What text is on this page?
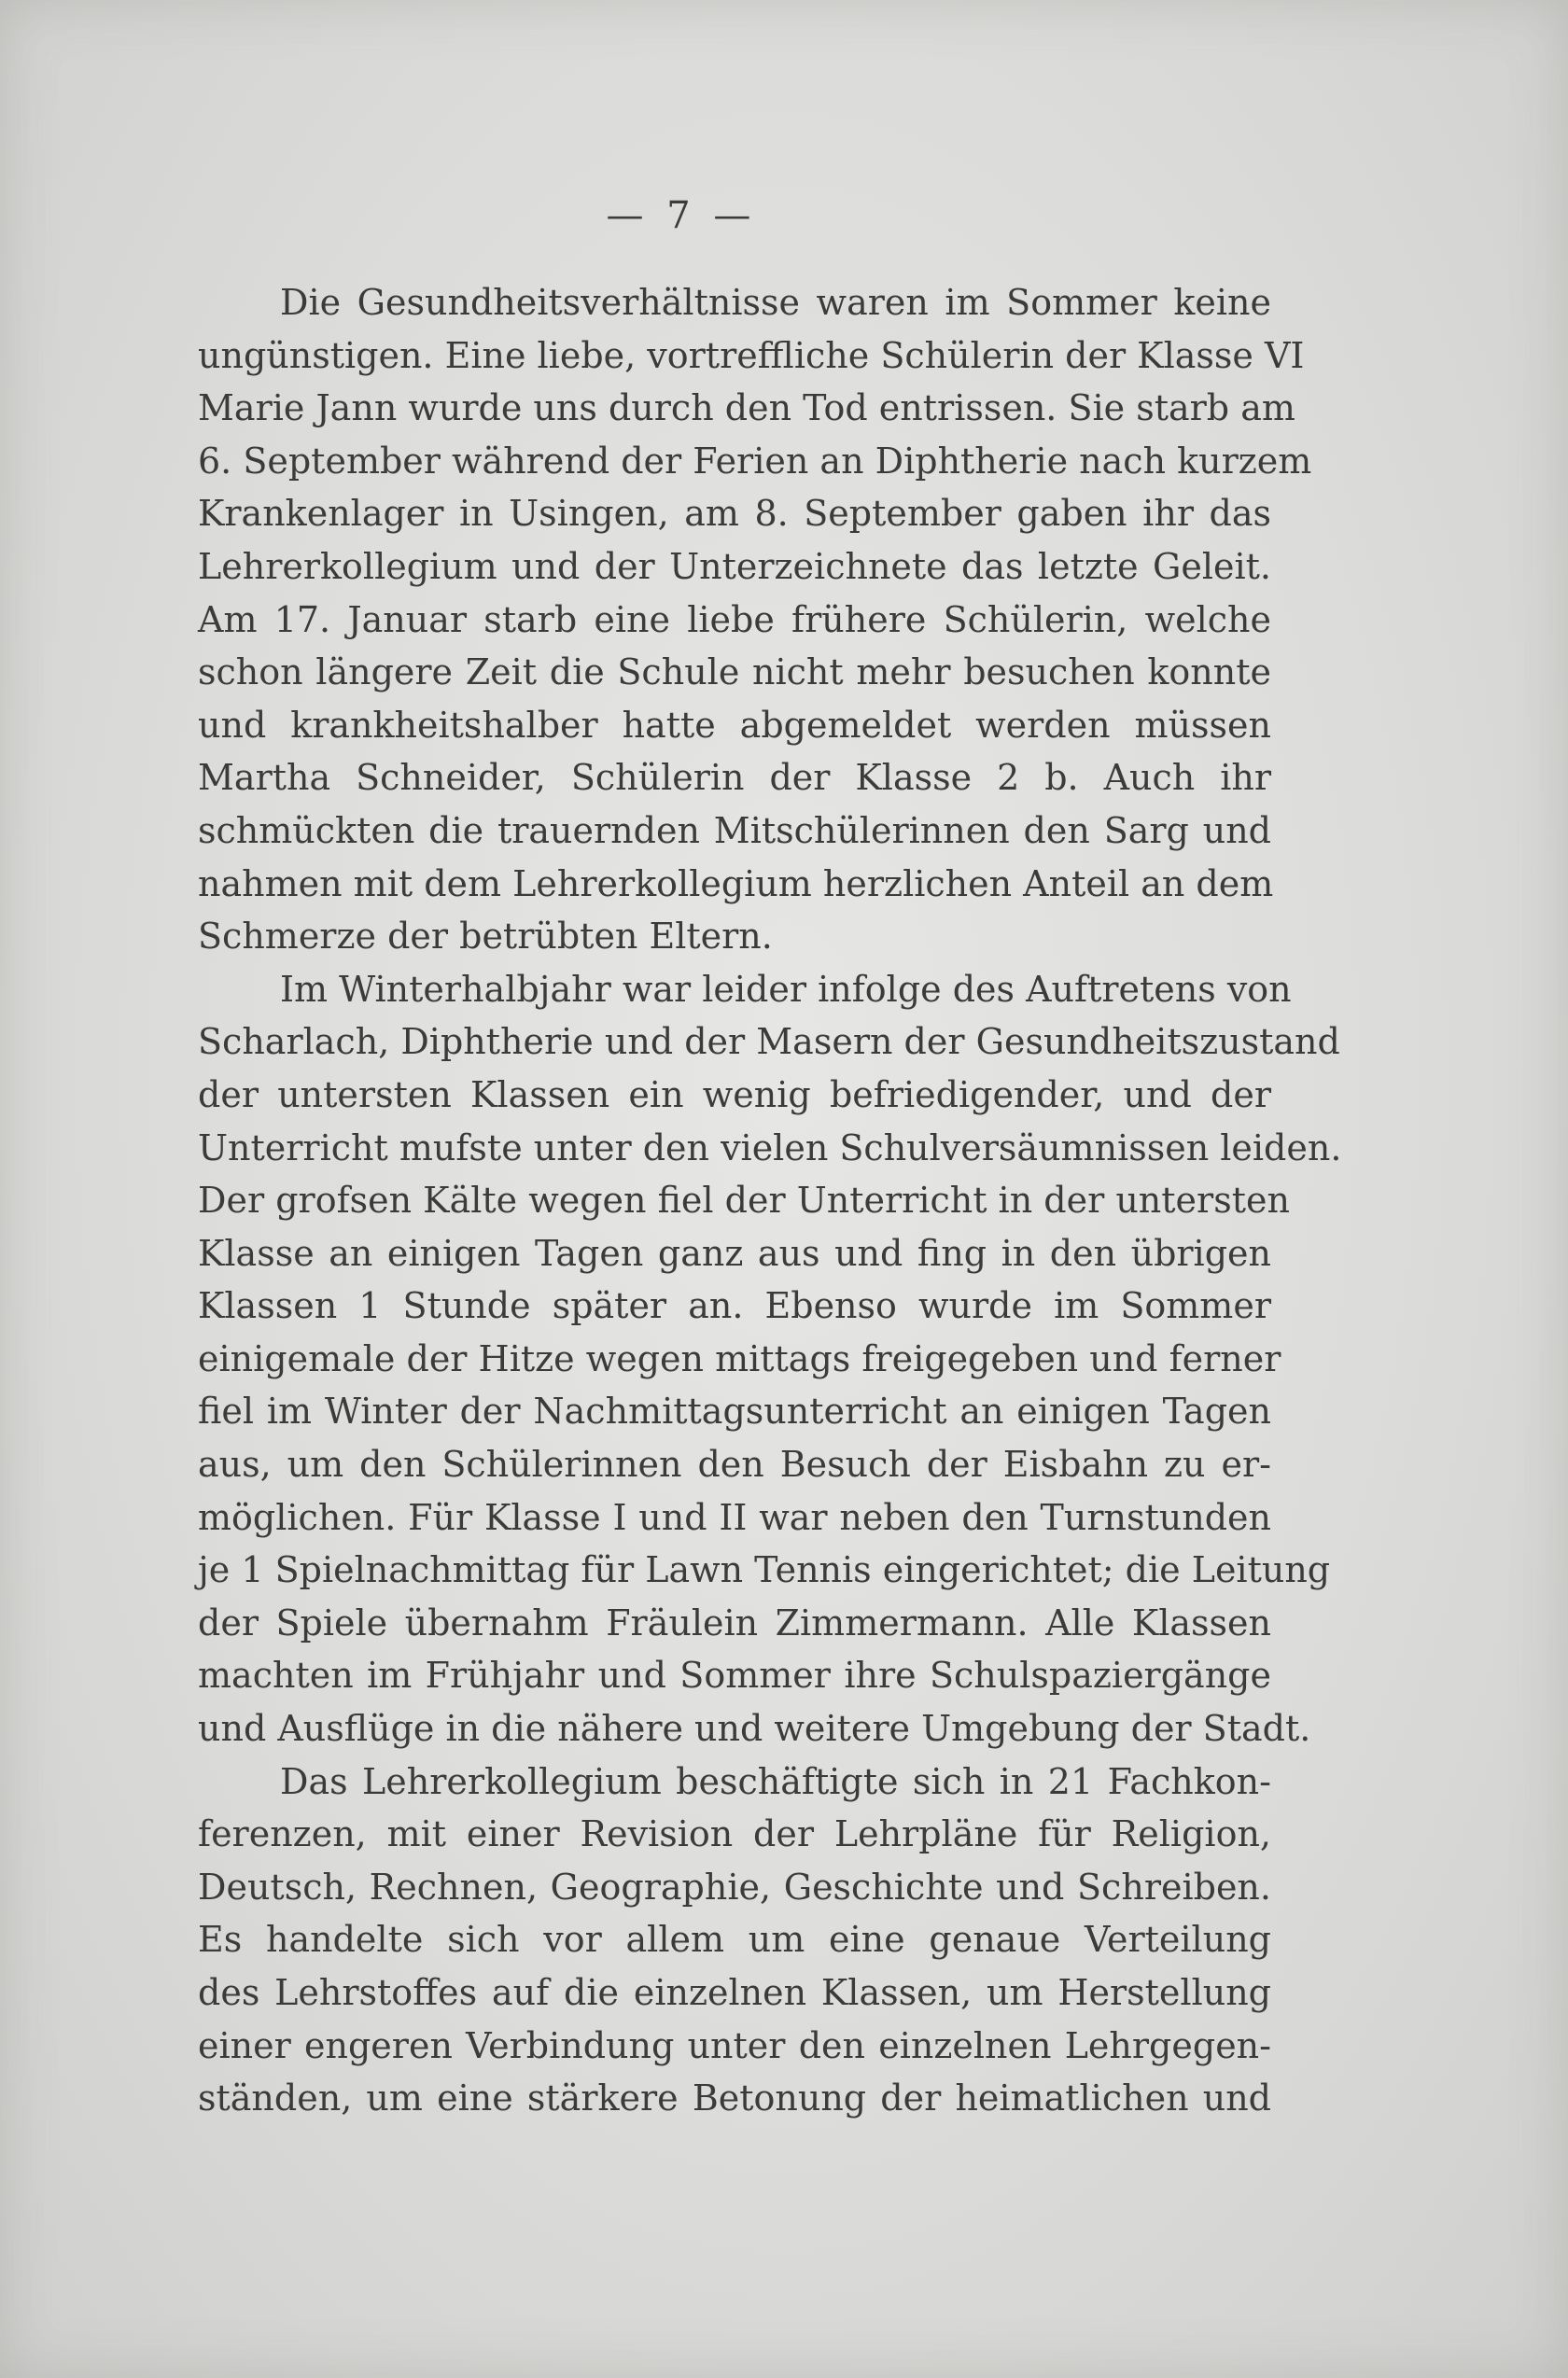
— 7 —
Die Gesundheitsverhältnisse waren im Sommer keine
ungünstigen. Eine liebe, vortreffliche Schülerin der Klasse VI
Marie Jann wurde uns durch den Tod entrissen. Sie starb am
6. September während der Ferien an Diphtherie nach kurzem
Krankenlager in Usingen, am 8. September gaben ihr das
Lehrerkollegium und der Unterzeichnete das letzte Geleit.
Am 17. Januar starb eine liebe frühere Schülerin, welche
schon längere Zeit die Schule nicht mehr besuchen konnte
und krankheitshalber hatte abgemeldet werden müssen
Martha Schneider, Schülerin der Klasse 2 b. Auch ihr
schmückten die trauernden Mitschülerinnen den Sarg und
nahmen mit dem Lehrerkollegium herzlichen Anteil an dem
Schmerze der betrübten Eltern.
Im Winterhalbjahr war leider infolge des Auftretens von
Scharlach, Diphtherie und der Masern der Gesundheitszustand
der untersten Klassen ein wenig befriedigender, und der
Unterricht mufste unter den vielen Schulversäumnissen leiden.
Der grofsen Kälte wegen fiel der Unterricht in der untersten
Klasse an einigen Tagen ganz aus und fing in den übrigen
Klassen 1 Stunde später an. Ebenso wurde im Sommer
einigemale der Hitze wegen mittags freigegeben und ferner
fiel im Winter der Nachmittagsunterricht an einigen Tagen
aus, um den Schülerinnen den Besuch der Eisbahn zu er-
möglichen. Für Klasse I und II war neben den Turnstunden
je 1 Spielnachmittag für Lawn Tennis eingerichtet; die Leitung
der Spiele übernahm Fräulein Zimmermann. Alle Klassen
machten im Frühjahr und Sommer ihre Schulspaziergänge
und Ausflüge in die nähere und weitere Umgebung der Stadt.
Das Lehrerkollegium beschäftigte sich in 21 Fachkon-
ferenzen, mit einer Revision der Lehrpläne für Religion,
Deutsch, Rechnen, Geographie, Geschichte und Schreiben.
Es handelte sich vor allem um eine genaue Verteilung
des Lehrstoffes auf die einzelnen Klassen, um Herstellung
einer engeren Verbindung unter den einzelnen Lehrgegen-
ständen, um eine stärkere Betonung der heimatlichen und
